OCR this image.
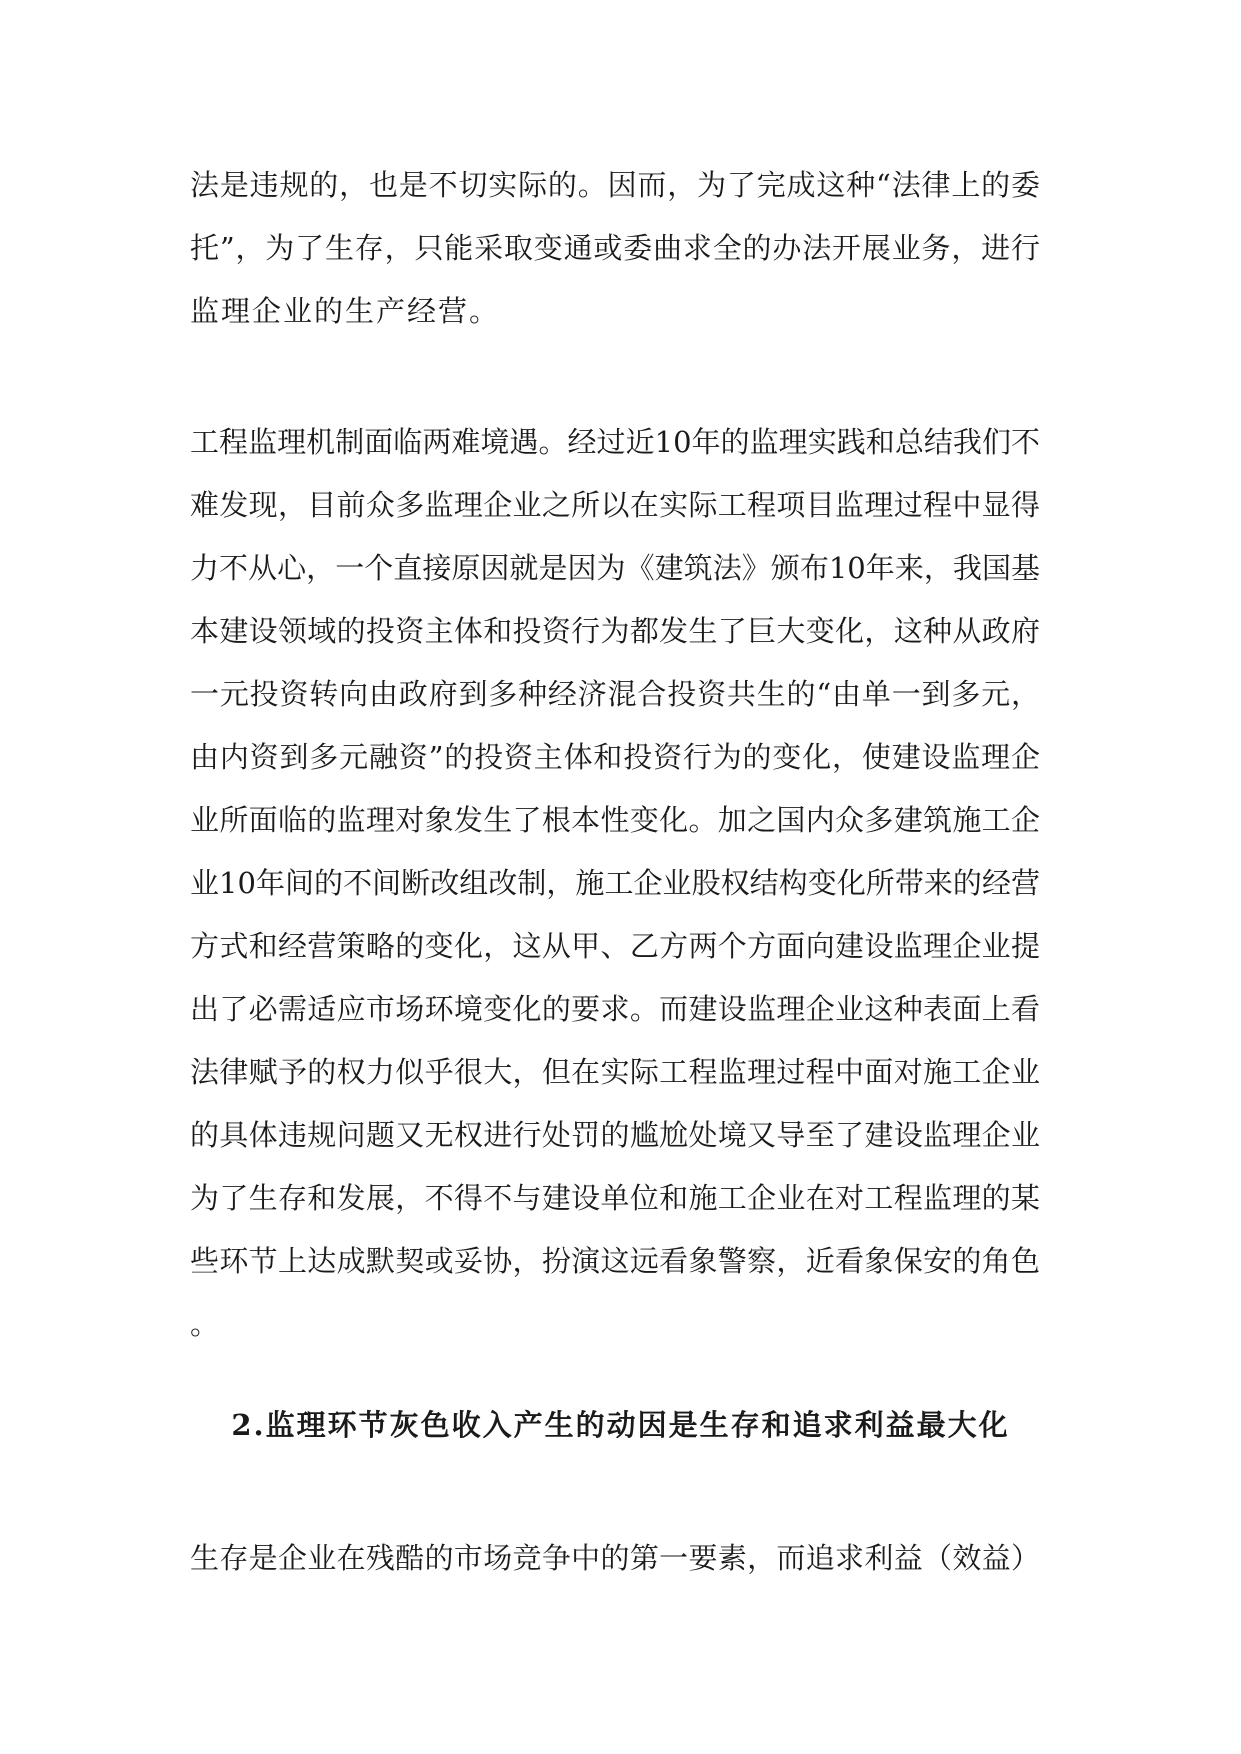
法是违规的，也是不切实际的。因而，为了完成这种“法律上的委
托”，为了生存，只能采取变通或委曲求全的办法开展业务，进行
监理企业的生产经营。
工程监理机制面临两难境遇。经过近10年的监理实践和总结我们不
难发现，目前众多监理企业之所以在实际工程项目监理过程中显得
力不从心，一个直接原因就是因为《建筑法》颁布10年来，我国基
本建设领域的投资主体和投资行为都发生了巨大变化，这种从政府
一元投资转向由政府到多种经济混合投资共生的“由单一到多元，
由内资到多元融资”的投资主体和投资行为的变化，使建设监理企
业所面临的监理对象发生了根本性变化。加之国内众多建筑施工企
业10年间的不间断改组改制，施工企业股权结构变化所带来的经营
方式和经营策略的变化，这从甲、乙方两个方面向建设监理企业提
出了必需适应市场环境变化的要求。而建设监理企业这种表面上看
法律赋予的权力似乎很大，但在实际工程监理过程中面对施工企业
的具体违规问题又无权进行处罚的尴尬处境又导至了建设监理企业
为了生存和发展，不得不与建设单位和施工企业在对工程监理的某
些环节上达成默契或妥协，扮演这远看象警察，近看象保安的角色
。
2.监理环节灰色收入产生的动因是生存和追求利益最大化
生存是企业在残酷的市场竞争中的第一要素，而追求利益（效益）
